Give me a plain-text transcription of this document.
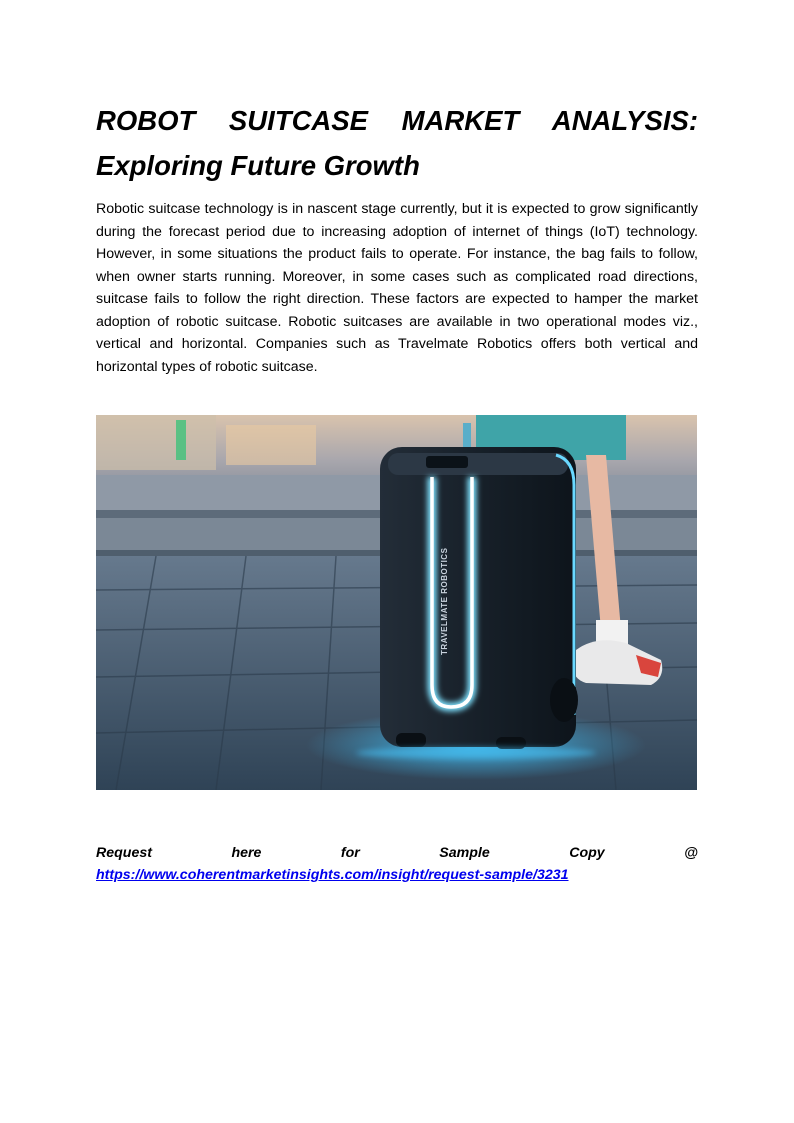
ROBOT SUITCASE MARKET ANALYSIS:
Exploring Future Growth

Robotic suitcase technology is in nascent stage currently, but it is expected to grow significantly during the forecast period due to increasing adoption of internet of things (IoT) technology. However, in some situations the product fails to operate. For instance, the bag fails to follow, when owner starts running. Moreover, in some cases such as complicated road directions, suitcase fails to follow the right direction. These factors are expected to hamper the market adoption of robotic suitcase. Robotic suitcases are available in two operational modes viz., vertical and horizontal. Companies such as Travelmate Robotics offers both vertical and horizontal types of robotic suitcase.

TRAVELMATE ROBOTICS
Request	here	for	Sample	Copy	@
https://www.coherentmarketinsights.com/insight/request-sample/3231
